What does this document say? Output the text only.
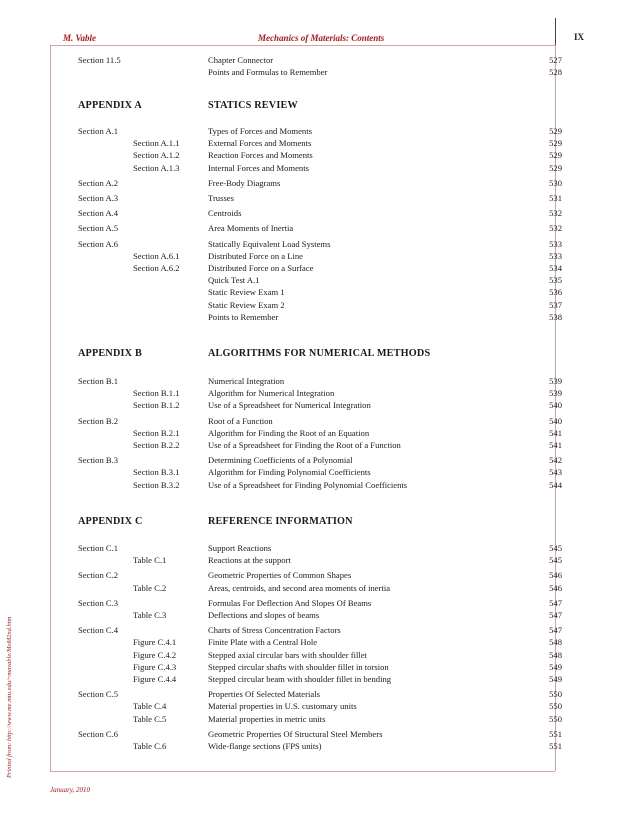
M. Vable	Mechanics of Materials: Contents	IX
Printed from: http://www.me.mtu.edu/~mavable/MoM2nd.htm
January, 2010
Section 11.5	Chapter Connector	527
Points and Formulas to Remember	528
APPENDIX A	STATICS REVIEW
Section A.1	Types of Forces and Moments	529
Section A.1.1	External Forces and Moments	529
Section A.1.2	Reaction Forces and Moments	529
Section A.1.3	Internal Forces and Moments	529
Section A.2	Free-Body Diagrams	530
Section A.3	Trusses	531
Section A.4	Centroids	532
Section A.5	Area Moments of Inertia	532
Section A.6	Statically Equivalent Load Systems	533
Section A.6.1	Distributed Force on a Line	533
Section A.6.2	Distributed Force on a Surface	534
Quick Test A.1	535
Static Review Exam 1	536
Static Review Exam 2	537
Points to Remember	538
APPENDIX B	ALGORITHMS FOR NUMERICAL METHODS
Section B.1	Numerical Integration	539
Section B.1.1	Algorithm for Numerical Integration	539
Section B.1.2	Use of a Spreadsheet for Numerical Integration	540
Section B.2	Root of a Function	540
Section B.2.1	Algorithm for Finding the Root of an Equation	541
Section B.2.2	Use of a Spreadsheet for Finding the Root of a Function	541
Section B.3	Determining Coefficients of a Polynomial	542
Section B.3.1	Algorithm for Finding Polynomial Coefficients	543
Section B.3.2	Use of a Spreadsheet for Finding Polynomial Coefficients	544
APPENDIX C	REFERENCE INFORMATION
Section C.1	Support Reactions	545
Table C.1	Reactions at the support	545
Section C.2	Geometric Properties of Common Shapes	546
Table C.2	Areas, centroids, and second area moments of inertia	546
Section C.3	Formulas For Deflection And Slopes Of Beams	547
Table C.3	Deflections and slopes of beams	547
Section C.4	Charts of Stress Concentration Factors	547
Figure C.4.1	Finite Plate with a Central Hole	548
Figure C.4.2	Stepped axial circular bars with shoulder fillet	548
Figure C.4.3	Stepped circular shafts with shoulder fillet in torsion	549
Figure C.4.4	Stepped circular beam with shoulder fillet in bending	549
Section C.5	Properties Of Selected Materials	550
Table C.4	Material properties in U.S. customary units	550
Table C.5	Material properties in metric units	550
Section C.6	Geometric Properties Of Structural Steel Members	551
Table C.6	Wide-flange sections (FPS units)	551
